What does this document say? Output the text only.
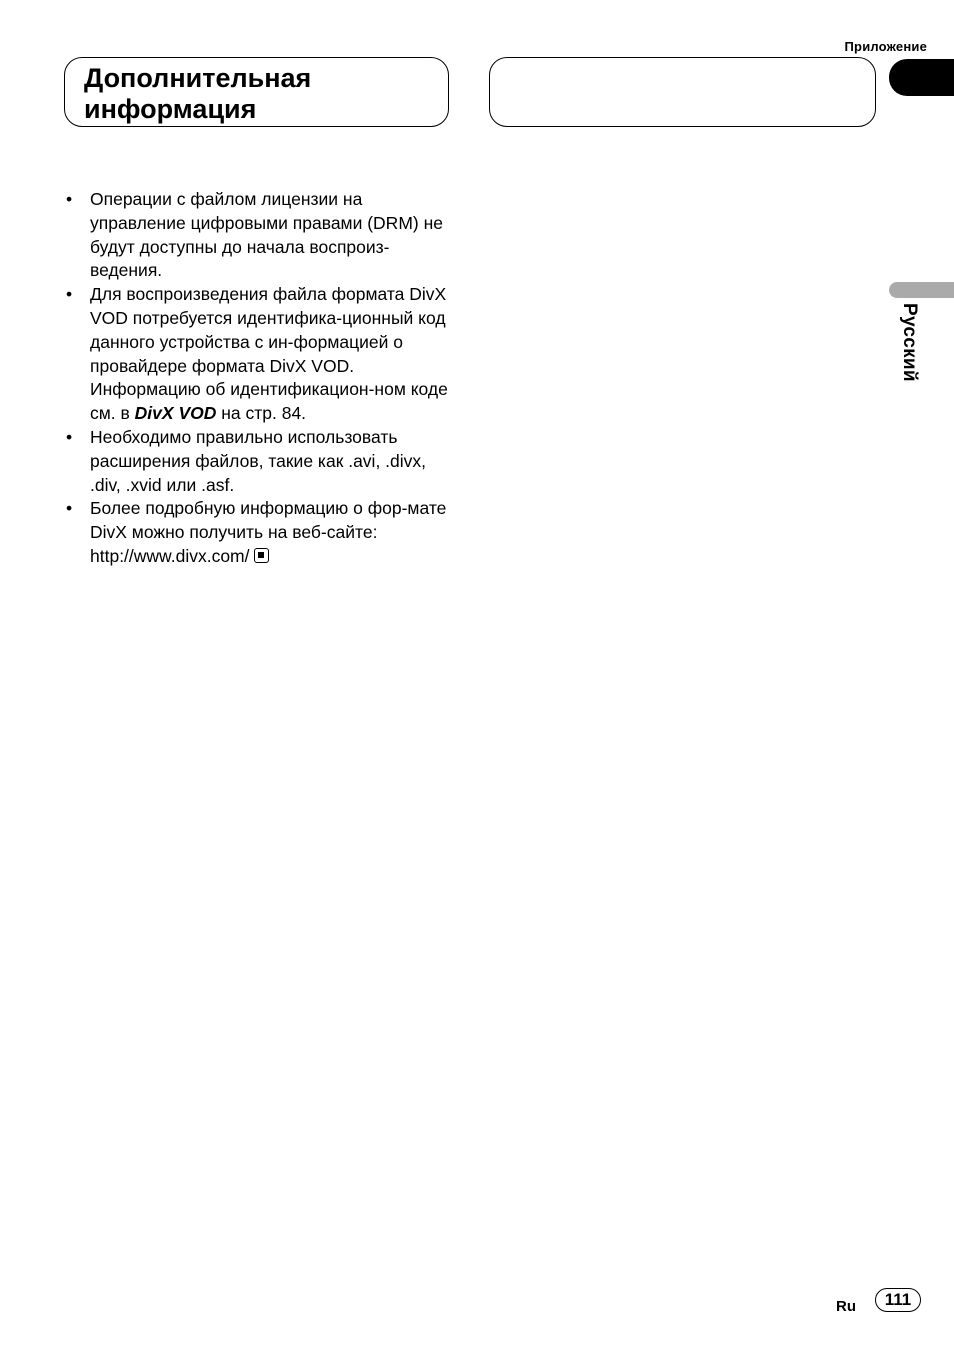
Приложение
Дополнительная информация
Русский
• Операции с файлом лицензии на управление цифровыми правами (DRM) не будут доступны до начала воспроиз-ведения.
• Для воспроизведения файла формата DivX VOD потребуется идентифика-ционный код данного устройства с ин-формацией о провайдере формата DivX VOD. Информацию об идентификацион-ном коде см. в DivX VOD на стр. 84.
• Необходимо правильно использовать расширения файлов, такие как .avi, .divx, .div, .xvid или .asf.
• Более подробную информацию о фор-мате DivX можно получить на веб-сайте: http://www.divx.com/
Ru	111
